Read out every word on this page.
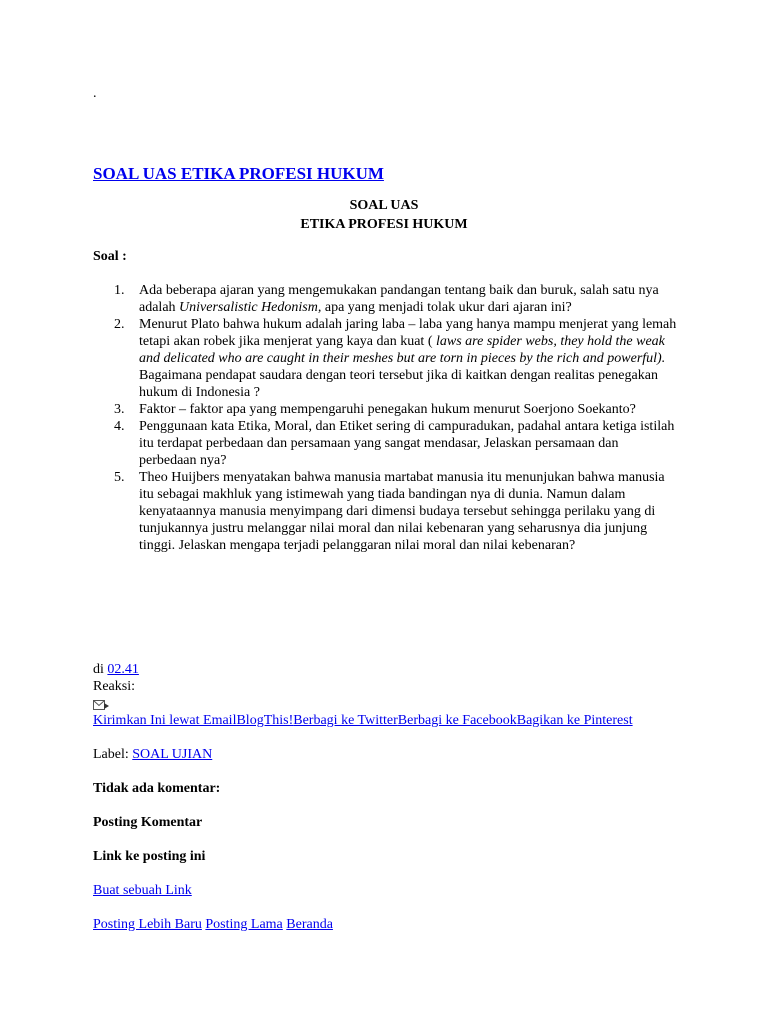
.
SOAL UAS ETIKA PROFESI HUKUM
SOAL UAS
ETIKA PROFESI HUKUM
Soal :
1. Ada beberapa ajaran yang mengemukakan pandangan tentang baik dan buruk, salah satu nya adalah Universalistic Hedonism, apa yang menjadi tolak ukur dari ajaran ini?
2. Menurut Plato bahwa hukum adalah jaring laba – laba yang hanya mampu menjerat yang lemah tetapi akan robek jika menjerat yang kaya dan kuat ( laws are spider webs, they hold the weak and delicated who are caught in their meshes but are torn in pieces by the rich and powerful). Bagaimana pendapat saudara dengan teori tersebut jika di kaitkan dengan realitas penegakan hukum di Indonesia ?
3. Faktor – faktor apa yang mempengaruhi penegakan hukum menurut Soerjono Soekanto?
4. Penggunaan kata Etika, Moral, dan Etiket sering di campuradukan, padahal antara ketiga istilah itu terdapat perbedaan dan persamaan yang sangat mendasar, Jelaskan persamaan dan perbedaan nya?
5. Theo Huijbers menyatakan bahwa manusia martabat manusia itu menunjukan bahwa manusia itu sebagai makhluk yang istimewah yang tiada bandingan nya di dunia. Namun dalam kenyataannya manusia menyimpang dari dimensi budaya tersebut sehingga perilaku yang di tunjukannya justru melanggar nilai moral dan nilai kebenaran yang seharusnya dia junjung tinggi. Jelaskan mengapa terjadi pelanggaran nilai moral dan nilai kebenaran?
di 02.41
Reaksi:
Kirimkan Ini lewat EmailBlogThis!Berbagi ke TwitterBerbagi ke FacebookBagikan ke Pinterest
Label: SOAL UJIAN
Tidak ada komentar:
Posting Komentar
Link ke posting ini
Buat sebuah Link
Posting Lebih Baru Posting Lama Beranda
